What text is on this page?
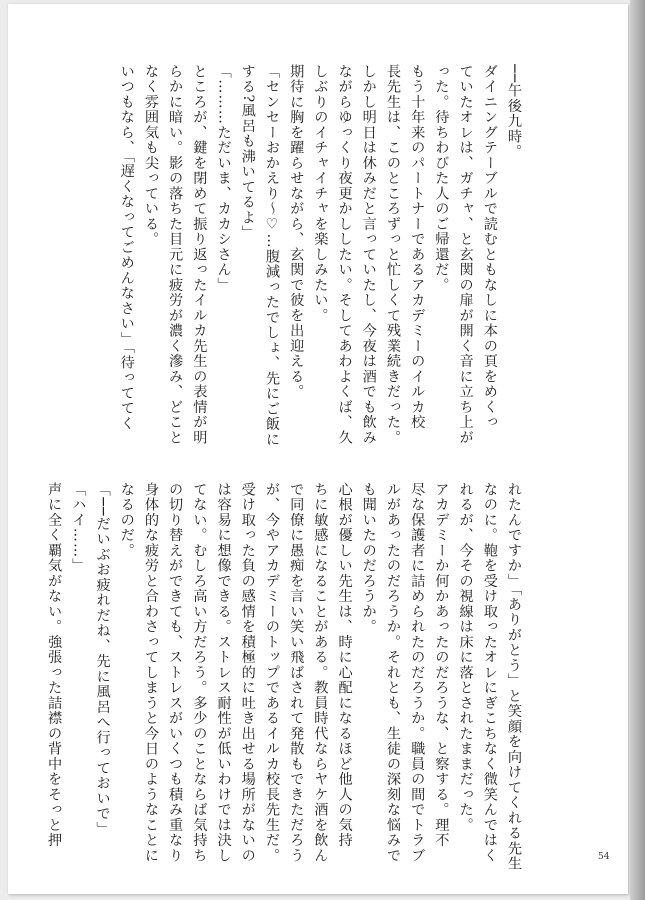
──午後九時。
ダイニングテーブルで読むともなしに本の頁をめくっ
ていたオレは、ガチャ、と玄関の扉が開く音に立ち上が
った。待ちわびた人のご帰還だ。
もう十年来のパートナーであるアカデミーのイルカ校
長先生は、このところずっと忙しくて残業続きだった。
しかし明日は休みだと言っていたし、今夜は酒でも飲み
ながらゆっくり夜更かししたい。そしてあわよくば、久
しぶりのイチャイチャを楽しみたい。
期待に胸を躍らせながら、玄関で彼を出迎える。
「センセーおかえり〜♡…腹減ったでしょ、先にご飯に
する?風呂も沸いてるよ」
「………ただいま、カカシさん」
ところが、鍵を閉めて振り返ったイルカ先生の表情が明
らかに暗い。影の落ちた目元に疲労が濃く滲み、どこと
なく雰囲気も尖っている。
いつもなら、「遅くなってごめんなさい」「待っててく
れたんですか」「ありがとう」と笑顔を向けてくれる先生
なのに。鞄を受け取ったオレにぎこちなく微笑んではく
れるが、今その視線は床に落とされたままだった。
アカデミーか何かあったのだろうな、と察する。理不
尽な保護者に詰められたのだろうか。職員の間でトラブ
ルがあったのだろうか。それとも、生徒の深刻な悩みで
も聞いたのだろうか。
心根が優しい先生は、時に心配になるほど他人の気持
ちに敏感になることがある。教員時代ならヤケ酒を飲ん
で同僚に愚痴を言い笑い飛ばされて発散もできただろう
が、今やアカデミーのトップであるイルカ校長先生だ。
受け取った負の感情を積極的に吐き出せる場所がないの
は容易に想像できる。ストレス耐性が低いわけでは決し
てない。むしろ高い方だろう。多少のことならば気持ち
の切り替えができても、ストレスがいくつも積み重なり
身体的な疲労と合わさってしまうと今日のようなことに
なるのだ。
「──だいぶお疲れだね、先に風呂へ行っておいで」
「ハイ……」
声に全く覇気がない。強張った詰襟の背中をそっと押
54
